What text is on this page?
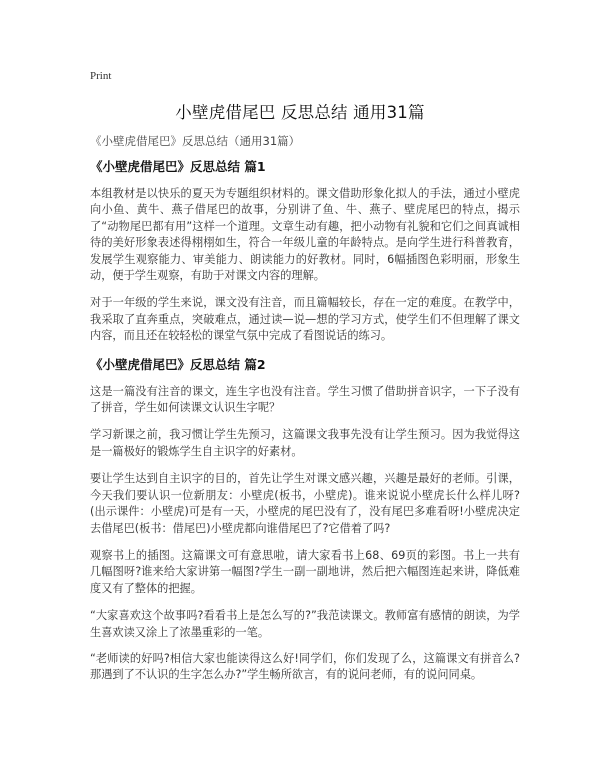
Print
小壁虎借尾巴 反思总结 通用31篇
《小壁虎借尾巴》反思总结（通用31篇）
《小壁虎借尾巴》反思总结 篇1

本组教材是以快乐的夏天为专题组织材料的。课文借助形象化拟人的手法，通过小壁虎向小鱼、黄牛、燕子借尾巴的故事，分别讲了鱼、牛、燕子、壁虎尾巴的特点，揭示了“动物尾巴都有用”这样一个道理。文章生动有趣，把小动物有礼貌和它们之间真诚相待的美好形象表述得栩栩如生，符合一年级儿童的年龄特点。是向学生进行科普教育，发展学生观察能力、审美能力、朗读能力的好教材。同时，6幅插图色彩明丽，形象生动，便于学生观察，有助于对课文内容的理解。

对于一年级的学生来说，课文没有注音，而且篇幅较长，存在一定的难度。在教学中，我采取了直奔重点，突破难点，通过读—说—想的学习方式，使学生们不但理解了课文内容，而且还在较轻松的课堂气氛中完成了看图说话的练习。

《小壁虎借尾巴》反思总结 篇2

这是一篇没有注音的课文，连生字也没有注音。学生习惯了借助拼音识字，一下子没有了拼音，学生如何读课文认识生字呢？

学习新课之前，我习惯让学生先预习，这篇课文我事先没有让学生预习。因为我觉得这是一篇极好的锻炼学生自主识字的好素材。

要让学生达到自主识字的目的，首先让学生对课文感兴趣，兴趣是最好的老师。引课，今天我们要认识一位新朋友：小壁虎(板书，小壁虎)。谁来说说小壁虎长什么样儿呀?(出示课件：小壁虎)可是有一天，小壁虎的尾巴没有了，没有尾巴多难看呀!小壁虎决定去借尾巴(板书：借尾巴)小壁虎都向谁借尾巴了?它借着了吗?

观察书上的插图。这篇课文可有意思啦，请大家看书上68、69页的彩图。书上一共有几幅图呀?谁来给大家讲第一幅图?学生一副一副地讲，然后把六幅图连起来讲，降低难度又有了整体的把握。

“大家喜欢这个故事吗?看看书上是怎么写的?”我范读课文。教师富有感情的朗读，为学生喜欢读又涂上了浓墨重彩的一笔。

“老师读的好吗?相信大家也能读得这么好!同学们，你们发现了么，这篇课文有拼音么?那遇到了不认识的生字怎么办?”学生畅所欲言，有的说问老师，有的说问同桌。
